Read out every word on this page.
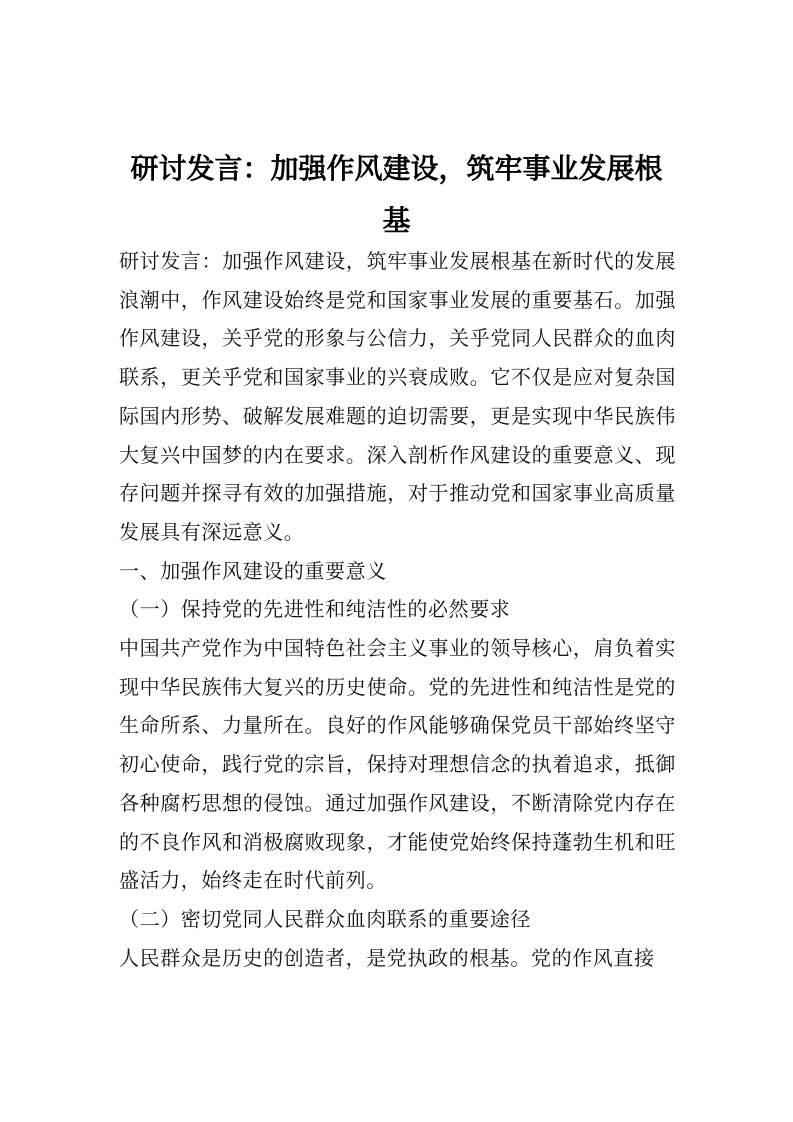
研讨发言：加强作风建设，筑牢事业发展根基

研讨发言：加强作风建设，筑牢事业发展根基在新时代的发展浪潮中，作风建设始终是党和国家事业发展的重要基石。加强作风建设，关乎党的形象与公信力，关乎党同人民群众的血肉联系，更关乎党和国家事业的兴衰成败。它不仅是应对复杂国际国内形势、破解发展难题的迫切需要，更是实现中华民族伟大复兴中国梦的内在要求。深入剖析作风建设的重要意义、现存问题并探寻有效的加强措施，对于推动党和国家事业高质量发展具有深远意义。

一、加强作风建设的重要意义

（一）保持党的先进性和纯洁性的必然要求

中国共产党作为中国特色社会主义事业的领导核心，肩负着实现中华民族伟大复兴的历史使命。党的先进性和纯洁性是党的生命所系、力量所在。良好的作风能够确保党员干部始终坚守初心使命，践行党的宗旨，保持对理想信念的执着追求，抵御各种腐朽思想的侵蚀。通过加强作风建设，不断清除党内存在的不良作风和消极腐败现象，才能使党始终保持蓬勃生机和旺盛活力，始终走在时代前列。

（二）密切党同人民群众血肉联系的重要途径

人民群众是历史的创造者，是党执政的根基。党的作风直接
